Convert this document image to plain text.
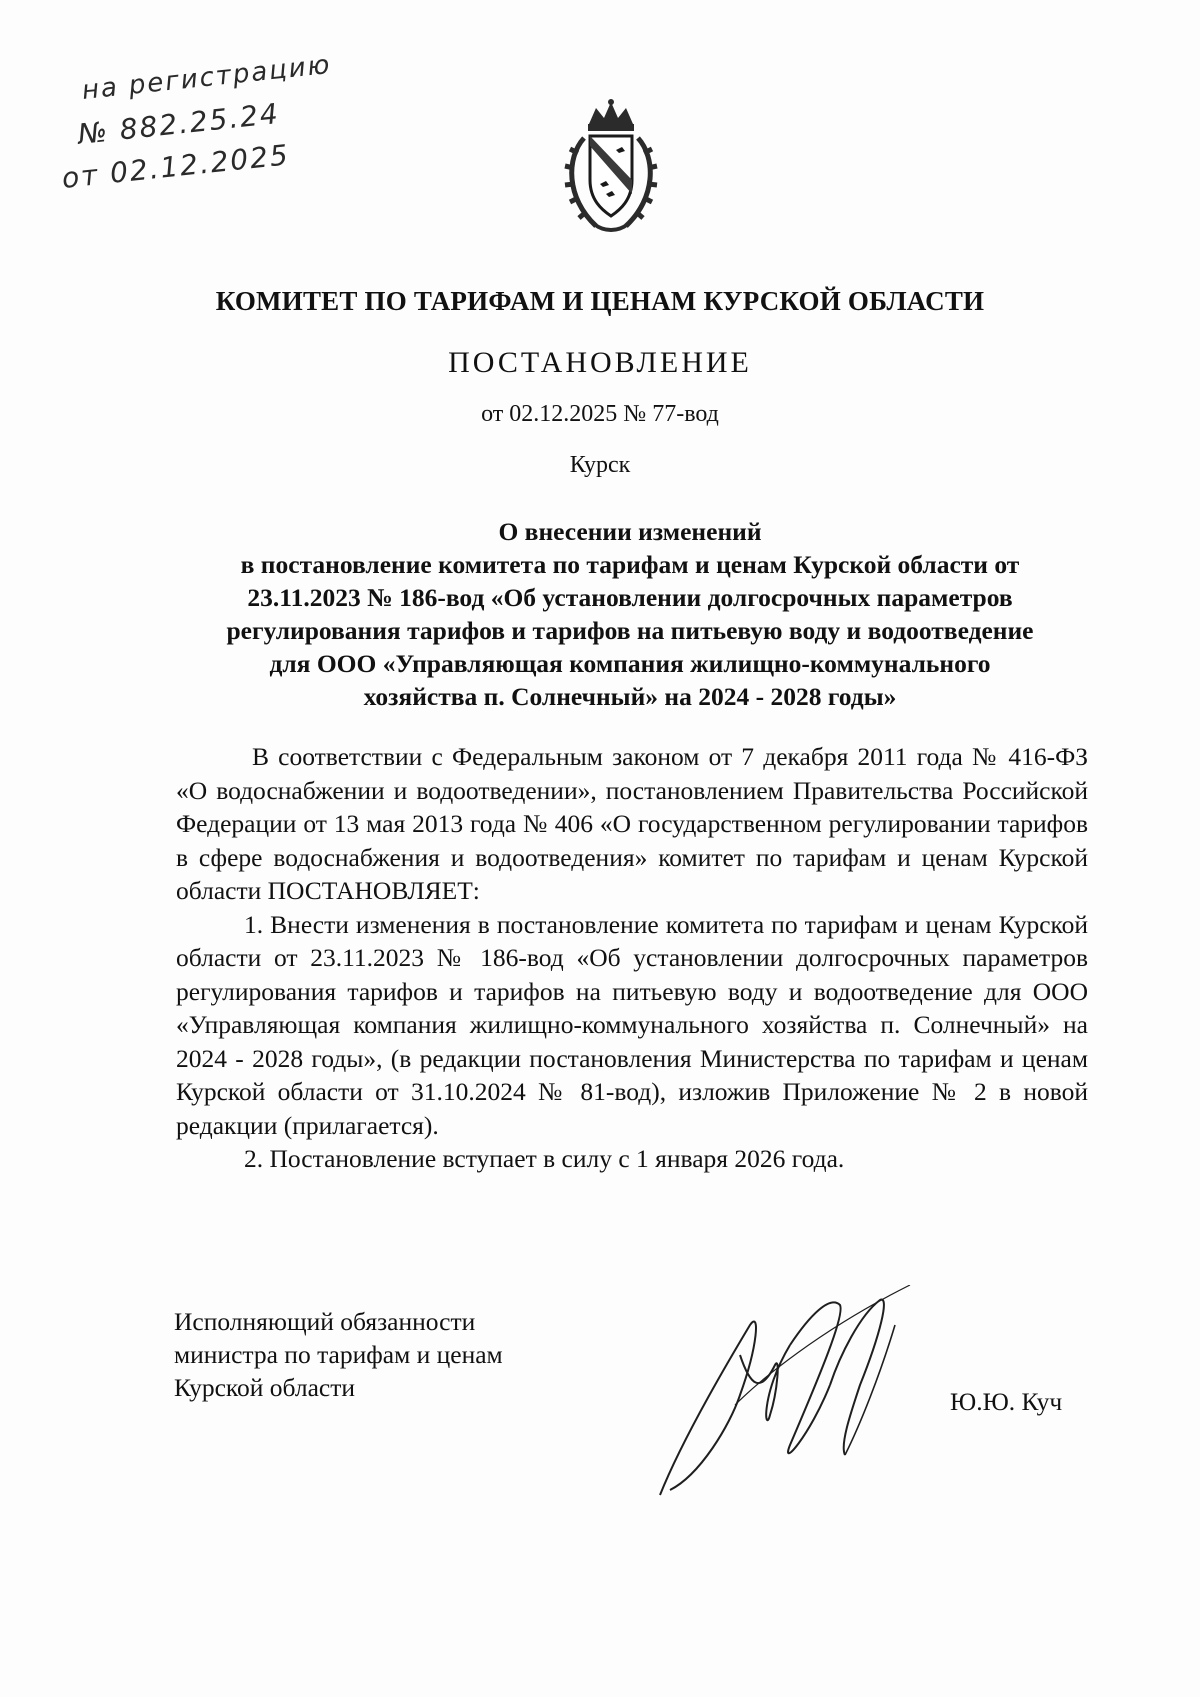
на регистрацию
№ 882.25.24
от 02.12.2025
КОМИТЕТ ПО ТАРИФАМ И ЦЕНАМ КУРСКОЙ ОБЛАСТИ
ПОСТАНОВЛЕНИЕ
от 02.12.2025 № 77-вод
Курск
О внесении изменений
в постановление комитета по тарифам и ценам Курской области от
23.11.2023 № 186-вод «Об установлении долгосрочных параметров
регулирования тарифов и тарифов на питьевую воду и водоотведение
для ООО «Управляющая компания жилищно-коммунального
хозяйства п. Солнечный» на 2024 - 2028 годы»

В соответствии с Федеральным законом от 7 декабря 2011 года № 416-ФЗ «О водоснабжении и водоотведении», постановлением Правительства Российской Федерации от 13 мая 2013 года № 406 «О государственном регулировании тарифов в сфере водоснабжения и водоотведения» комитет по тарифам и ценам Курской области ПОСТАНОВЛЯЕТ:

1. Внести изменения в постановление комитета по тарифам и ценам Курской области от 23.11.2023 № 186-вод «Об установлении долгосрочных параметров регулирования тарифов и тарифов на питьевую воду и водоотведение для ООО «Управляющая компания жилищно-коммунального хозяйства п. Солнечный» на 2024 - 2028 годы», (в редакции постановления Министерства по тарифам и ценам Курской области от 31.10.2024 № 81-вод), изложив Приложение № 2 в новой редакции (прилагается).

2. Постановление вступает в силу с 1 января 2026 года.

Исполняющий обязанности
министра по тарифам и ценам
Курской области	Ю.Ю. Куч
